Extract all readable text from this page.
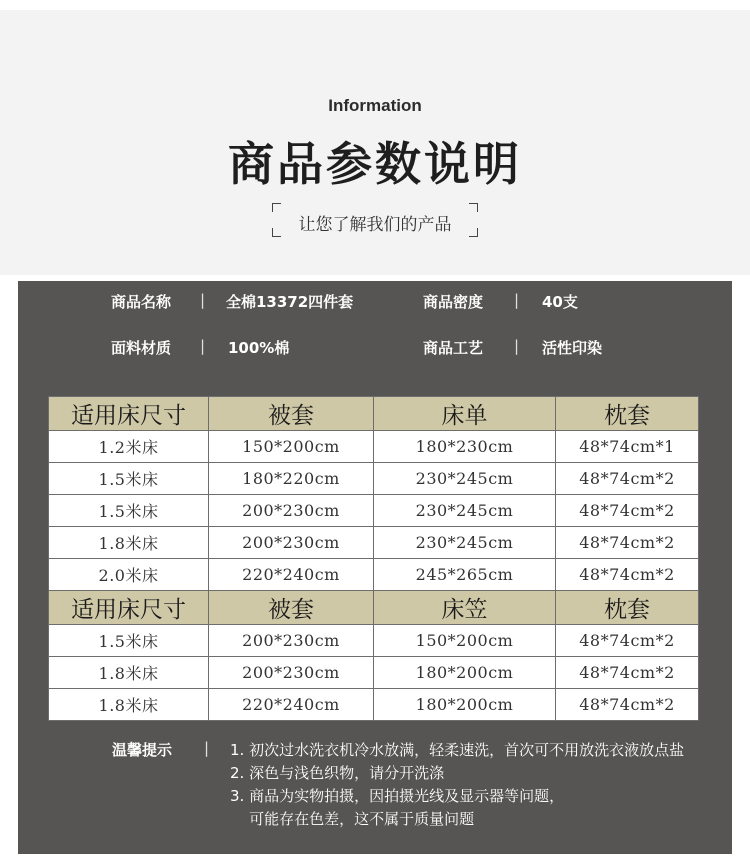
Information
商品参数说明
让您了解我们的产品
商品名称 | 全棉13372四件套	商品密度 | 40支
面料材质 | 100%棉	商品工艺 | 活性印染
适用床尺寸	被套	床单	枕套
1.2米床	150*200cm	180*230cm	48*74cm*1
1.5米床	180*220cm	230*245cm	48*74cm*2
1.5米床	200*230cm	230*245cm	48*74cm*2
1.8米床	200*230cm	230*245cm	48*74cm*2
2.0米床	220*240cm	245*265cm	48*74cm*2
适用床尺寸	被套	床笠	枕套
1.5米床	200*230cm	150*200cm	48*74cm*2
1.8米床	200*230cm	180*200cm	48*74cm*2
1.8米床	220*240cm	180*200cm	48*74cm*2
温馨提示 | 1. 初次过水洗衣机冷水放满，轻柔速洗，首次可不用放洗衣液放点盐
2. 深色与浅色织物，请分开洗涤
3. 商品为实物拍摄，因拍摄光线及显示器等问题，
可能存在色差，这不属于质量问题
